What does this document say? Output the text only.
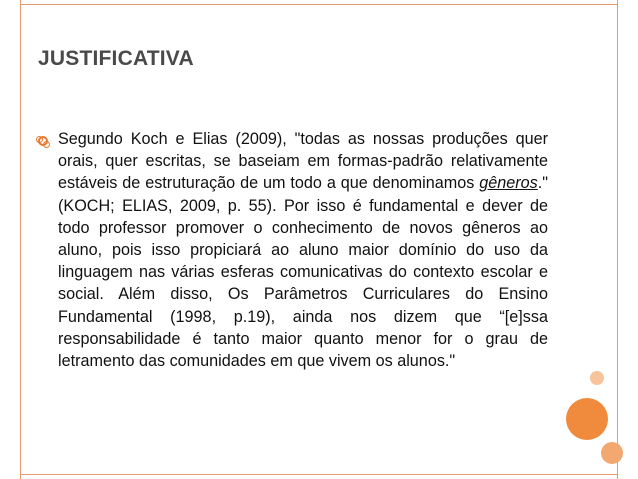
JUSTIFICATIVA

Segundo Koch e Elias (2009), "todas as nossas produções quer orais, quer escritas, se baseiam em formas-padrão relativamente estáveis de estruturação de um todo a que denominamos gêneros." (KOCH; ELIAS, 2009, p. 55). Por isso é fundamental e dever de todo professor promover o conhecimento de novos gêneros ao aluno, pois isso propiciará ao aluno maior domínio do uso da linguagem nas várias esferas comunicativas do contexto escolar e social. Além disso, Os Parâmetros Curriculares do Ensino Fundamental (1998, p.19), ainda nos dizem que “[e]ssa responsabilidade é tanto maior quanto menor for o grau de letramento das comunidades em que vivem os alunos."
